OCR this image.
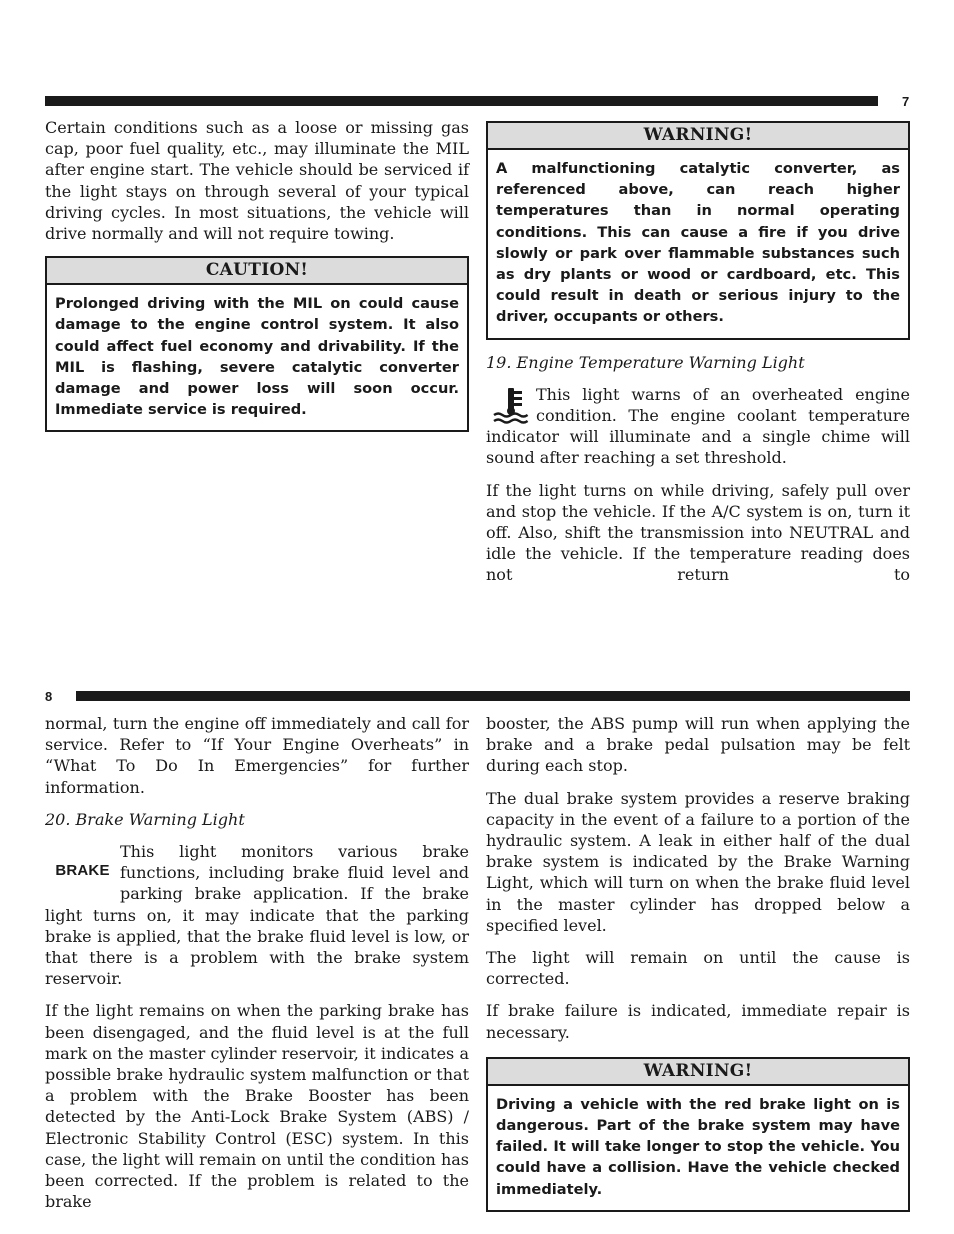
7

Certain conditions such as a loose or missing gas cap, poor fuel quality, etc., may illuminate the MIL after engine start. The vehicle should be serviced if the light stays on through several of your typical driving cycles. In most situations, the vehicle will drive normally and will not require towing.

CAUTION!
Prolonged driving with the MIL on could cause damage to the engine control system. It also could affect fuel economy and drivability. If the MIL is flashing, severe catalytic converter damage and power loss will soon occur. Immediate service is required.
WARNING!
A malfunctioning catalytic converter, as referenced above, can reach higher temperatures than in normal operating conditions. This can cause a fire if you drive slowly or park over flammable substances such as dry plants or wood or cardboard, etc. This could result in death or serious injury to the driver, occupants or others.

19. Engine Temperature Warning Light

This light warns of an overheated engine condition. The engine coolant temperature indicator will illuminate and a single chime will sound after reaching a set threshold.

If the light turns on while driving, safely pull over and stop the vehicle. If the A/C system is on, turn it off. Also, shift the transmission into NEUTRAL and idle the vehicle. If the temperature reading does not return to

8

normal, turn the engine off immediately and call for service. Refer to “If Your Engine Overheats” in “What To Do In Emergencies” for further information.

20. Brake Warning Light

BRAKE

This light monitors various brake functions, including brake fluid level and parking brake application. If the brake light turns on, it may indicate that the parking brake is applied, that the brake fluid level is low, or that there is a problem with the brake system reservoir.

If the light remains on when the parking brake has been disengaged, and the fluid level is at the full mark on the master cylinder reservoir, it indicates a possible brake hydraulic system malfunction or that a problem with the Brake Booster has been detected by the Anti-Lock Brake System (ABS) / Electronic Stability Control (ESC) system. In this case, the light will remain on until the condition has been corrected. If the problem is related to the brake

booster, the ABS pump will run when applying the brake and a brake pedal pulsation may be felt during each stop.

The dual brake system provides a reserve braking capacity in the event of a failure to a portion of the hydraulic system. A leak in either half of the dual brake system is indicated by the Brake Warning Light, which will turn on when the brake fluid level in the master cylinder has dropped below a specified level.

The light will remain on until the cause is corrected.

If brake failure is indicated, immediate repair is necessary.

WARNING!
Driving a vehicle with the red brake light on is dangerous. Part of the brake system may have failed. It will take longer to stop the vehicle. You could have a collision. Have the vehicle checked immediately.
